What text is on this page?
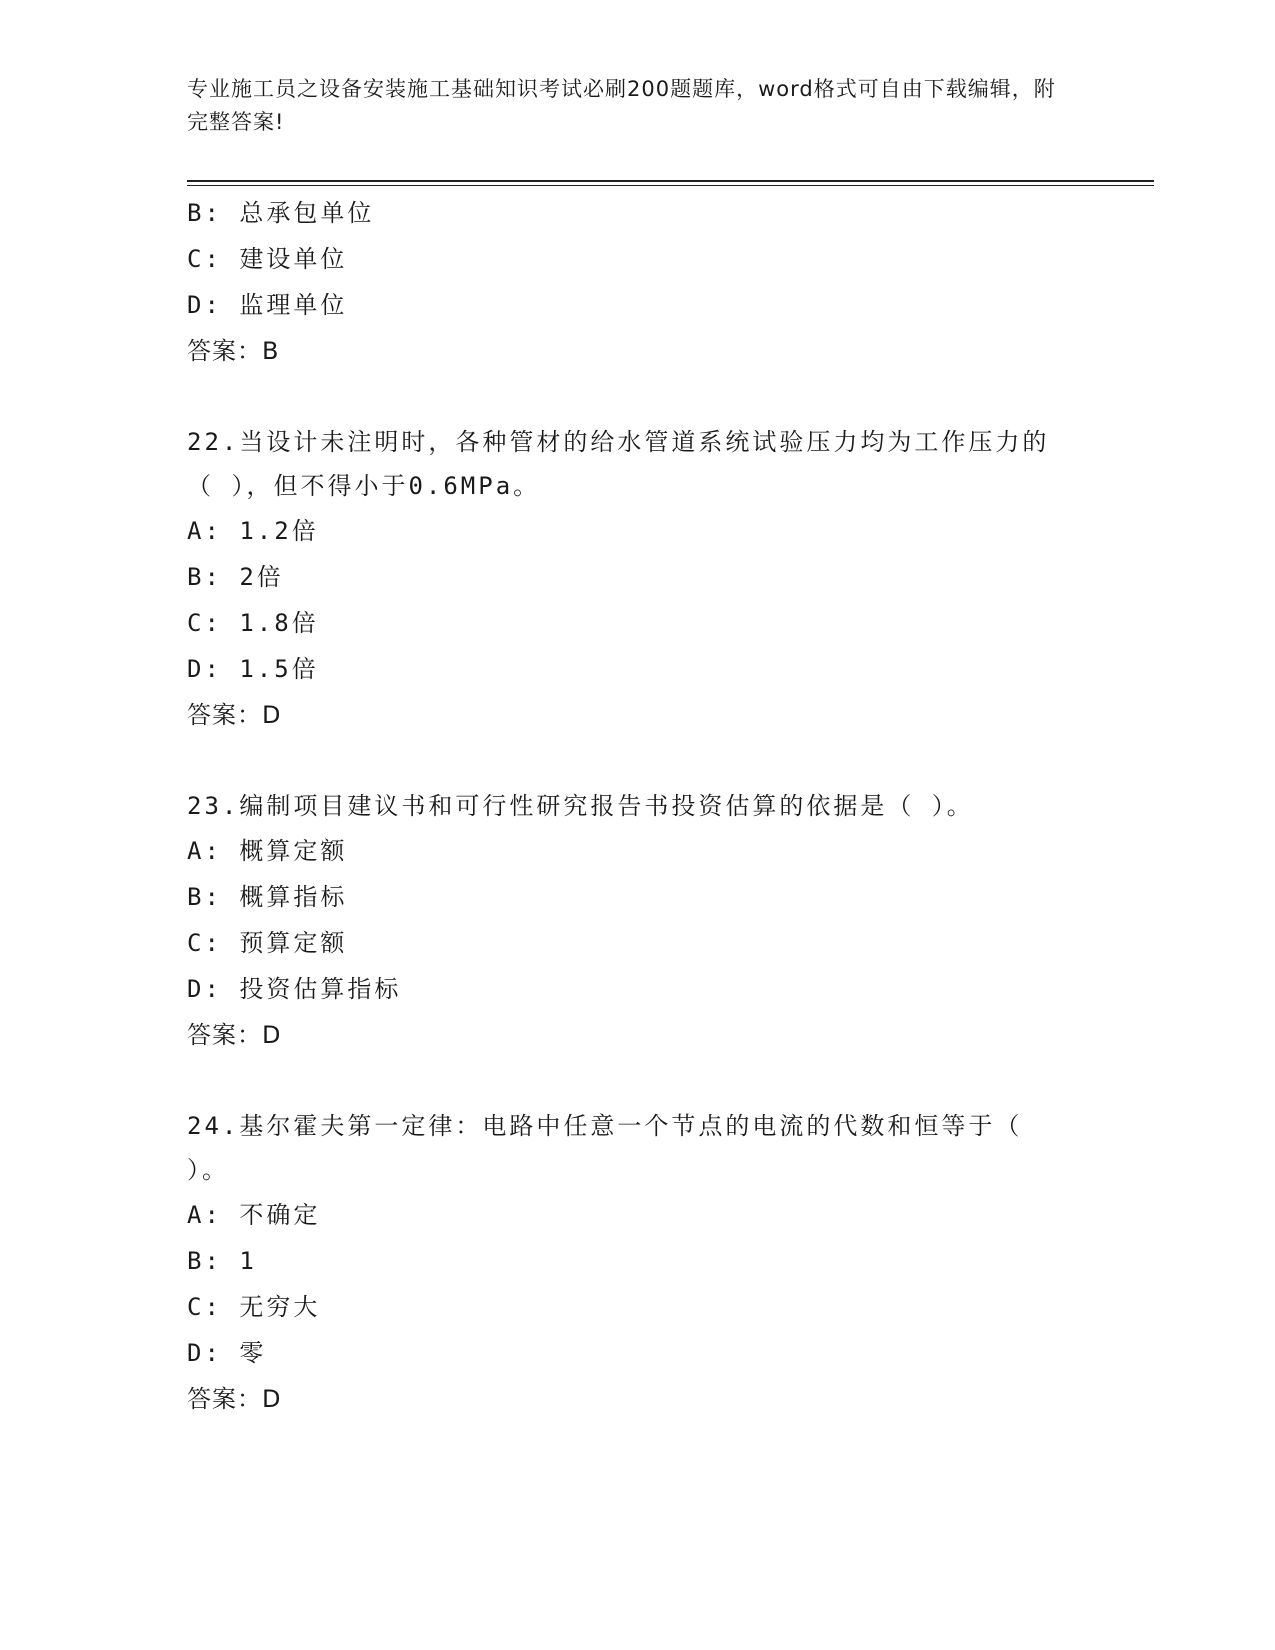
专业施工员之设备安装施工基础知识考试必刷200题题库，word格式可自由下载编辑，附完整答案!
B: 总承包单位
C: 建设单位
D: 监理单位
答案：B
22.当设计未注明时，各种管材的给水管道系统试验压力均为工作压力的（ ），但不得小于0.6MPa。
A: 1.2倍
B: 2倍
C: 1.8倍
D: 1.5倍
答案：D
23.编制项目建议书和可行性研究报告书投资估算的依据是（ ）。
A: 概算定额
B: 概算指标
C: 预算定额
D: 投资估算指标
答案：D
24.基尔霍夫第一定律：电路中任意一个节点的电流的代数和恒等于（ ）。
A: 不确定
B: 1
C: 无穷大
D: 零
答案：D
